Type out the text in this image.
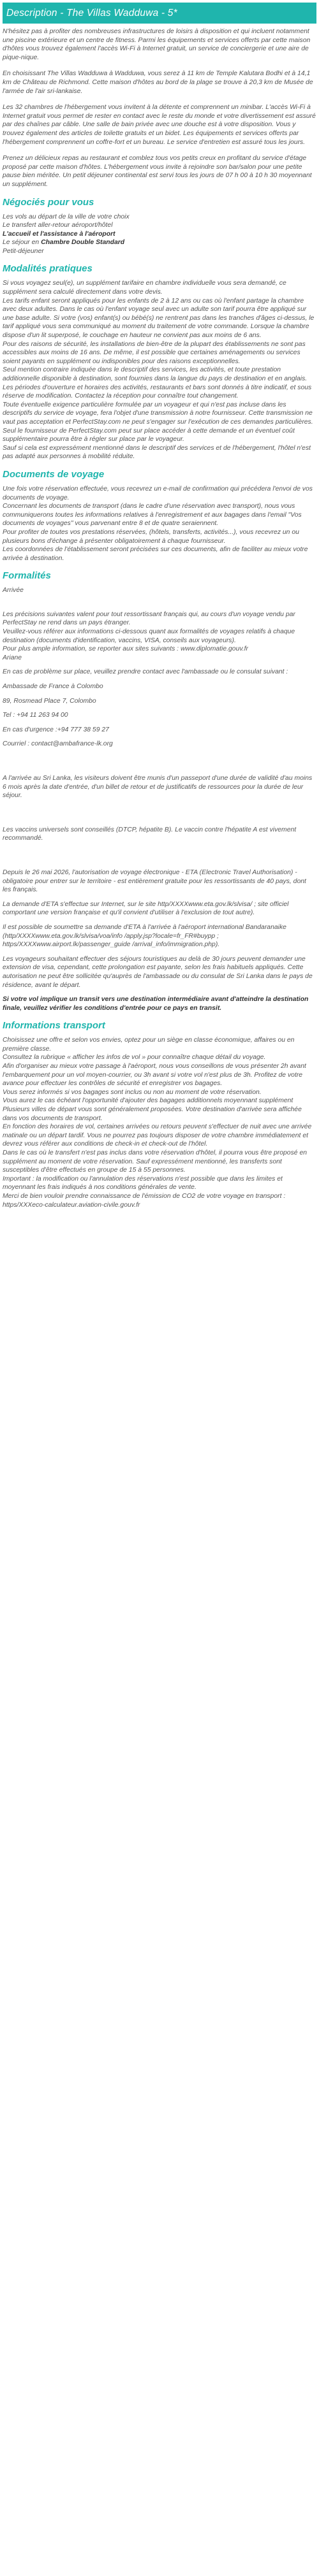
Description - The Villas Wadduwa - 5*

N'hésitez pas à profiter des nombreuses infrastructures de loisirs à disposition et qui incluent notamment une piscine extérieure et un centre de fitness. Parmi les équipements et services offerts par cette maison d'hôtes vous trouvez également l'accès Wi-Fi à Internet gratuit, un service de conciergerie et une aire de pique-nique.

En choisissant The Villas Wadduwa à Wadduwa, vous serez à 11 km de Temple Kalutara Bodhi et à 14,1 km de Château de Richmond. Cette maison d'hôtes au bord de la plage se trouve à 20,3 km de Musée de l'armée de l'air sri-lankaise.

Les 32 chambres de l'hébergement vous invitent à la détente et comprennent un minibar. L'accès Wi-Fi à Internet gratuit vous permet de rester en contact avec le reste du monde et votre divertissement est assuré par des chaînes par câble. Une salle de bain privée avec une douche est à votre disposition. Vous y trouvez également des articles de toilette gratuits et un bidet. Les équipements et services offerts par l'hébergement comprennent un coffre-fort et un bureau. Le service d'entretien est assuré tous les jours.

Prenez un délicieux repas au restaurant et comblez tous vos petits creux en profitant du service d'étage proposé par cette maison d'hôtes. L'hébergement vous invite à rejoindre son bar/salon pour une petite pause bien méritée. Un petit déjeuner continental est servi tous les jours de 07 h 00 à 10 h 30 moyennant un supplément.

Négociés pour vous
Les vols au départ de la ville de votre choix
Le transfert aller-retour aéroport/hôtel
L'accueil et l'assistance à l'aéroport
Le séjour en Chambre Double Standard
Petit-déjeuner
Modalités pratiques
Si vous voyagez seul(e), un supplément tarifaire en chambre individuelle vous sera demandé, ce supplément sera calculé directement dans votre devis.
Les tarifs enfant seront appliqués pour les enfants de 2 à 12 ans ou cas où l'enfant partage la chambre avec deux adultes. Dans le cas où l'enfant voyage seul avec un adulte son tarif pourra être appliqué sur une base adulte. Si votre (vos) enfant(s) ou bébé(s) ne rentrent pas dans les tranches d'âges ci-dessus, le tarif appliqué vous sera communiqué au moment du traitement de votre commande. Lorsque la chambre dispose d'un lit superposé, le couchage en hauteur ne convient pas aux moins de 6 ans.
Pour des raisons de sécurité, les installations de bien-être de la plupart des établissements ne sont pas accessibles aux moins de 16 ans. De même, il est possible que certaines aménagements ou services soient payants en supplément ou indisponibles pour des raisons exceptionnelles.
Seul mention contraire indiquée dans le descriptif des services, les activités, et toute prestation additionnelle disponible à destination, sont fournies dans la langue du pays de destination et en anglais.
Les périodes d'ouverture et horaires des activités, restaurants et bars sont donnés à titre indicatif, et sous réserve de modification. Contactez la réception pour connaître tout changement.
Toute éventuelle exigence particulière formulée par un voyageur et qui n'est pas incluse dans les descriptifs du service de voyage, fera l'objet d'une transmission à notre fournisseur. Cette transmission ne vaut pas acceptation et PerfectStay.com ne peut s'engager sur l'exécution de ces demandes particulières. Seul le fournisseur de PerfectStay.com peut sur place accéder à cette demande et un éventuel coût supplémentaire pourra être à régler sur place par le voyageur.
Sauf si cela est expressément mentionné dans le descriptif des services et de l'hébergement, l'hôtel n'est pas adapté aux personnes à mobilité réduite.
Documents de voyage
Une fois votre réservation effectuée, vous recevrez un e-mail de confirmation qui précédera l'envoi de vos documents de voyage.
Concernant les documents de transport (dans le cadre d'une réservation avec transport), nous vous communiquerons toutes les informations relatives à l'enregistrement et aux bagages dans l'email "Vos documents de voyages" vous parvenant entre 8 et de quatre seraiennent.
Pour profiter de toutes vos prestations réservées, (hôtels, transferts, activités...), vous recevrez un ou plusieurs bons d'échange à présenter obligatoirement à chaque fournisseur.
Les coordonnées de l'établissement seront précisées sur ces documents, afin de faciliter au mieux votre arrivée à destination.
Formalités
Arrivée
Les précisions suivantes valent pour tout ressortissant français qui, au cours d'un voyage vendu par PerfectStay ne rend dans un pays étranger.
Veuillez-vous référer aux informations ci-dessous quant aux formalités de voyages relatifs à chaque destination (documents d'identification, vaccins, VISA, conseils aux voyageurs).
Pour plus ample information, se reporter aux sites suivants : www.diplomatie.gouv.fr
Ariane
En cas de problème sur place, veuillez prendre contact avec l'ambassade ou le consulat suivant :
Ambassade de France à Colombo
89, Rosmead Place 7, Colombo
Tel : +94 11 263 94 00
En cas d'urgence :+94 777 38 59 27
Courriel : contact@ambafrance-lk.org
A l'arrivée au Sri Lanka, les visiteurs doivent être munis d'un passeport d'une durée de validité d'au moins 6 mois après la date d'entrée, d'un billet de retour et de justificatifs de ressources pour la durée de leur séjour.
Les vaccins universels sont conseillés (DTCP, hépatite B). Le vaccin contre l'hépatite A est vivement recommandé.
Depuis le 26 mai 2026, l'autorisation de voyage électronique - ETA (Electronic Travel Authorisation) - obligatoire pour entrer sur le territoire - est entièrement gratuite pour les ressortissants de 40 pays, dont les français.
La demande d'ETA s'effectue sur Internet, sur le site http/XXXXwww.eta.gov.lk/slvisa/ ; site officiel comportant une version française et qu'il convient d'utiliser à l'exclusion de tout autre).
Il est possible de soumettre sa demande d'ETA à l'arrivée à l'aéroport international Bandaranaike (http/XXXXwww.eta.gov.lk/slvisa/voa/info /apply.jsp?locale=fr_FR#buypp ; https/XXXXwww.airport.lk/passenger_guide /arrival_info/immigration.php).
Les voyageurs souhaitant effectuer des séjours touristiques au delà de 30 jours peuvent demander une extension de visa, cependant, cette prolongation est payante, selon les frais habituels appliqués. Cette autorisation ne peut être sollicitée qu'auprès de l'ambassade ou du consulat de Sri Lanka dans le pays de résidence, avant le départ.
Si votre vol implique un transit vers une destination intermédiaire avant d'atteindre la destination finale, veuillez vérifier les conditions d'entrée pour ce pays en transit.
Informations transport
Choisissez une offre et selon vos envies, optez pour un siège en classe économique, affaires ou en première classe.
Consultez la rubrique « afficher les infos de vol » pour connaître chaque détail du voyage.
Afin d'organiser au mieux votre passage à l'aéroport, nous vous conseillons de vous présenter 2h avant l'embarquement pour un vol moyen-courrier, ou 3h avant si votre vol n'est plus de 3h. Profitez de votre avance pour effectuer les contrôles de sécurité et enregistrer vos bagages.
Vous serez informés si vos bagages sont inclus ou non au moment de votre réservation.
Vous aurez le cas échéant l'opportunité d'ajouter des bagages additionnels moyennant supplément
Plusieurs villes de départ vous sont généralement proposées. Votre destination d'arrivée sera affichée dans vos documents de transport.
En fonction des horaires de vol, certaines arrivées ou retours peuvent s'effectuer de nuit avec une arrivée matinale ou un départ tardif. Vous ne pourrez pas toujours disposer de votre chambre immédiatement et devrez vous référer aux conditions de check-in et check-out de l'hôtel.
Dans le cas où le transfert n'est pas inclus dans votre réservation d'hôtel, il pourra vous être proposé en supplément au moment de votre réservation. Sauf expressément mentionné, les transferts sont susceptibles d'être effectués en groupe de 15 à 55 personnes.
Important : la modification ou l'annulation des réservations n'est possible que dans les limites et moyennant les frais indiqués à nos conditions générales de vente.
Merci de bien vouloir prendre connaissance de l'émission de CO2 de votre voyage en transport : https/XXXeco-calculateur.aviation-civile.gouv.fr
